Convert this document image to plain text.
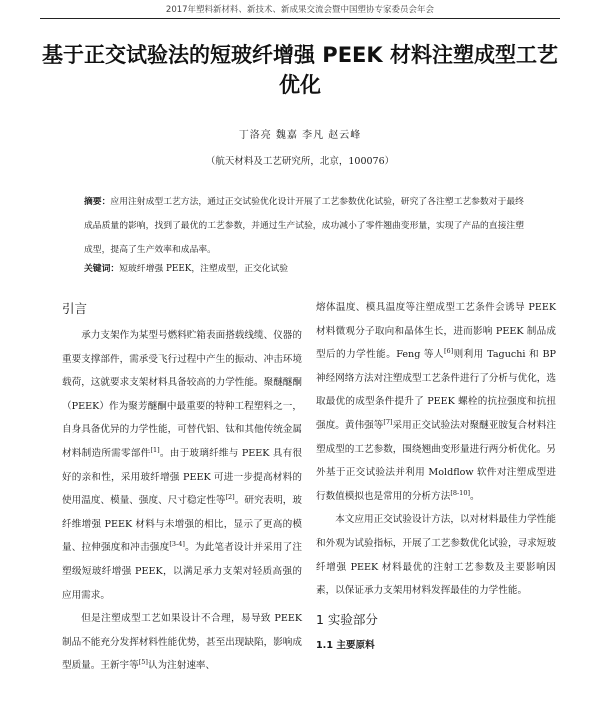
2017年塑料新材料、新技术、新成果交流会暨中国塑协专家委员会年会
基于正交试验法的短玻纤增强 PEEK 材料注塑成型工艺优化
丁洛亮 魏嘉 李凡 赵云峰
（航天材料及工艺研究所，北京，100076）
摘要：应用注射成型工艺方法，通过正交试验优化设计开展了工艺参数优化试验，研究了各注塑工艺参数对于最终成品质量的影响，找到了最优的工艺参数，并通过生产试验，成功减小了零件翘曲变形量，实现了产品的直接注塑成型，提高了生产效率和成品率。
关键词：短玻纤增强 PEEK，注塑成型，正交化试验
引言

承力支架作为某型号燃料贮箱表面搭载线缆、仪器的重要支撑部件，需承受飞行过程中产生的振动、冲击环境载荷，这就要求支架材料具备较高的力学性能。聚醚醚酮（PEEK）作为聚芳醚酮中最重要的特种工程塑料之一，自身具备优异的力学性能，可替代铝、钛和其他传统金属材料制造所需零部件[1]。由于玻璃纤维与 PEEK 具有很好的亲和性，采用玻纤增强 PEEK 可进一步提高材料的使用温度、模量、强度、尺寸稳定性等[2]。研究表明，玻纤维增强 PEEK 材料与未增强的相比，显示了更高的模量、拉伸强度和冲击强度[3-4]。为此笔者设计并采用了注塑级短玻纤增强 PEEK，以满足承力支架对轻质高强的应用需求。

但是注塑成型工艺如果设计不合理，易导致 PEEK 制品不能充分发挥材料性能优势，甚至出现缺陷，影响成型质量。王新宇等[5]认为注射速率、

熔体温度、模具温度等注塑成型工艺条件会诱导 PEEK 材料微观分子取向和晶体生长，进而影响 PEEK 制品成型后的力学性能。Feng 等人[6]则利用 Taguchi 和 BP 神经网络方法对注塑成型工艺条件进行了分析与优化，选取最优的成型条件提升了 PEEK 螺栓的抗拉强度和抗扭强度。黄伟强等[7]采用正交试验法对聚醚亚胺复合材料注塑成型的工艺参数，围绕翘曲变形量进行两分析优化。另外基于正交试验法并利用 Moldflow 软件对注塑成型进行数值模拟也是常用的分析方法[8-10]。

本文应用正交试验设计方法，以对材料最佳力学性能和外观为试验指标，开展了工艺参数优化试验，寻求短玻纤增强 PEEK 材料最优的注射工艺参数及主要影响因素，以保证承力支架用材料发挥最佳的力学性能。

1 实验部分
1.1 主要原料
